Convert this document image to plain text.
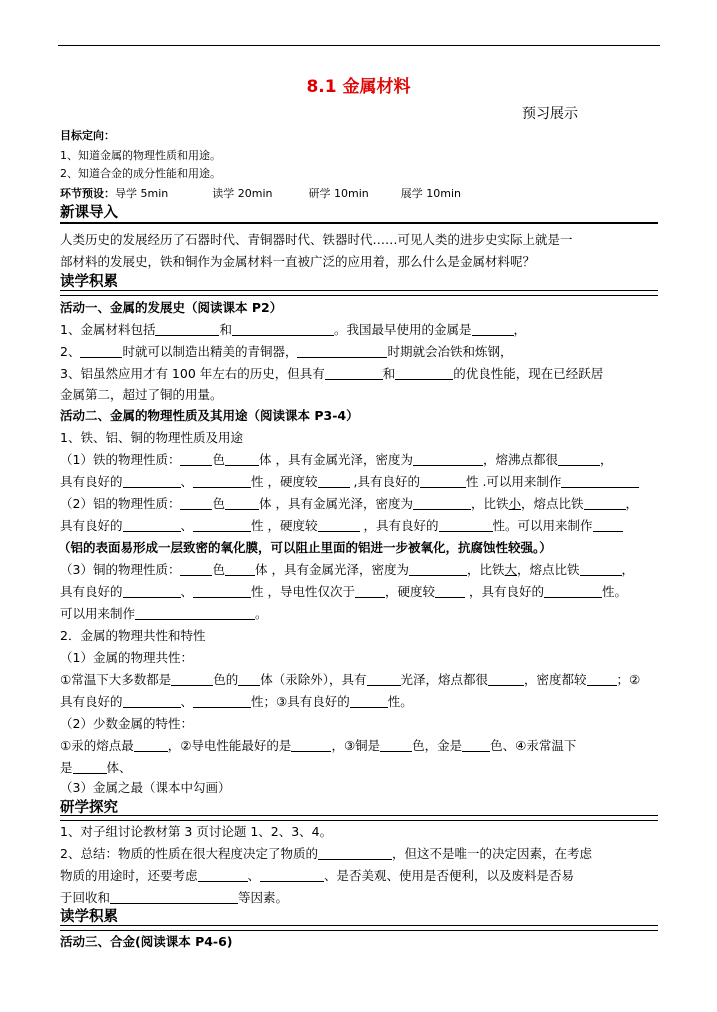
8.1 金属材料
预习展示
目标定向：
1、知道金属的物理性质和用途。
2、知道合金的成分性能和用途。
环节预设：导学 5min	读学 20min	研学 10min	展学 10min
新课导入
人类历史的发展经历了石器时代、青铜器时代、铁器时代……可见人类的进步史实际上就是一
部材料的发展史，铁和铜作为金属材料一直被广泛的应用着，那么什么是金属材料呢？
读学积累
活动一、金属的发展史（阅读课本 P2）
1、金属材料包括	和	。我国最早使用的金属是	，
2、	时就可以制造出精美的青铜器，	时期就会冶铁和炼钢，
3、铝虽然应用才有 100 年左右的历史，但具有	和	的优良性能，现在已经跃居
金属第二，超过了铜的用量。
活动二、金属的物理性质及其用途（阅读课本 P3-4）
1、铁、铝、铜的物理性质及用途
（1）铁的物理性质：	色	体 ，具有金属光泽，密度为	，熔沸点都很	，
具有良好的	、	性 ，硬度较	,具有良好的	性 .可以用来制作
（2）铝的物理性质：	色	体 ，具有金属光泽，密度为	，比铁小，熔点比铁	，
具有良好的	、	性 ，硬度较	，具有良好的	性。可以用来制作
（铝的表面易形成一层致密的氧化膜，可以阻止里面的铝进一步被氧化，抗腐蚀性较强。）
（3）铜的物理性质：	色 体 ，具有金属光泽，密度为	，比铁大，熔点比铁	，
具有良好的	、	性 ，导电性仅次于 ，硬度较 ，具有良好的	性。
可以用来制作	。
2．金属的物理共性和特性
（1）金属的物理共性：
①常温下大多数都是	色的 体（汞除外），具有	光泽，熔点都很	，密度都较 ；②
具有良好的	、	性；③具有良好的	性。
（2）少数金属的特性：
①汞的熔点最	，②导电性能最好的是	，③铜是	色，金是 色、④汞常温下
是	体、
（3）金属之最（课本中勾画）
研学探究
1、对子组讨论教材第 3 页讨论题 1、2、3、4。
2、总结：物质的性质在很大程度决定了物质的	，但这不是唯一的决定因素，在考虑
物质的用途时，还要考虑	、	、是否美观、使用是否便利，以及废料是否易
于回收和	等因素。
读学积累
活动三、合金(阅读课本 P4-6)
